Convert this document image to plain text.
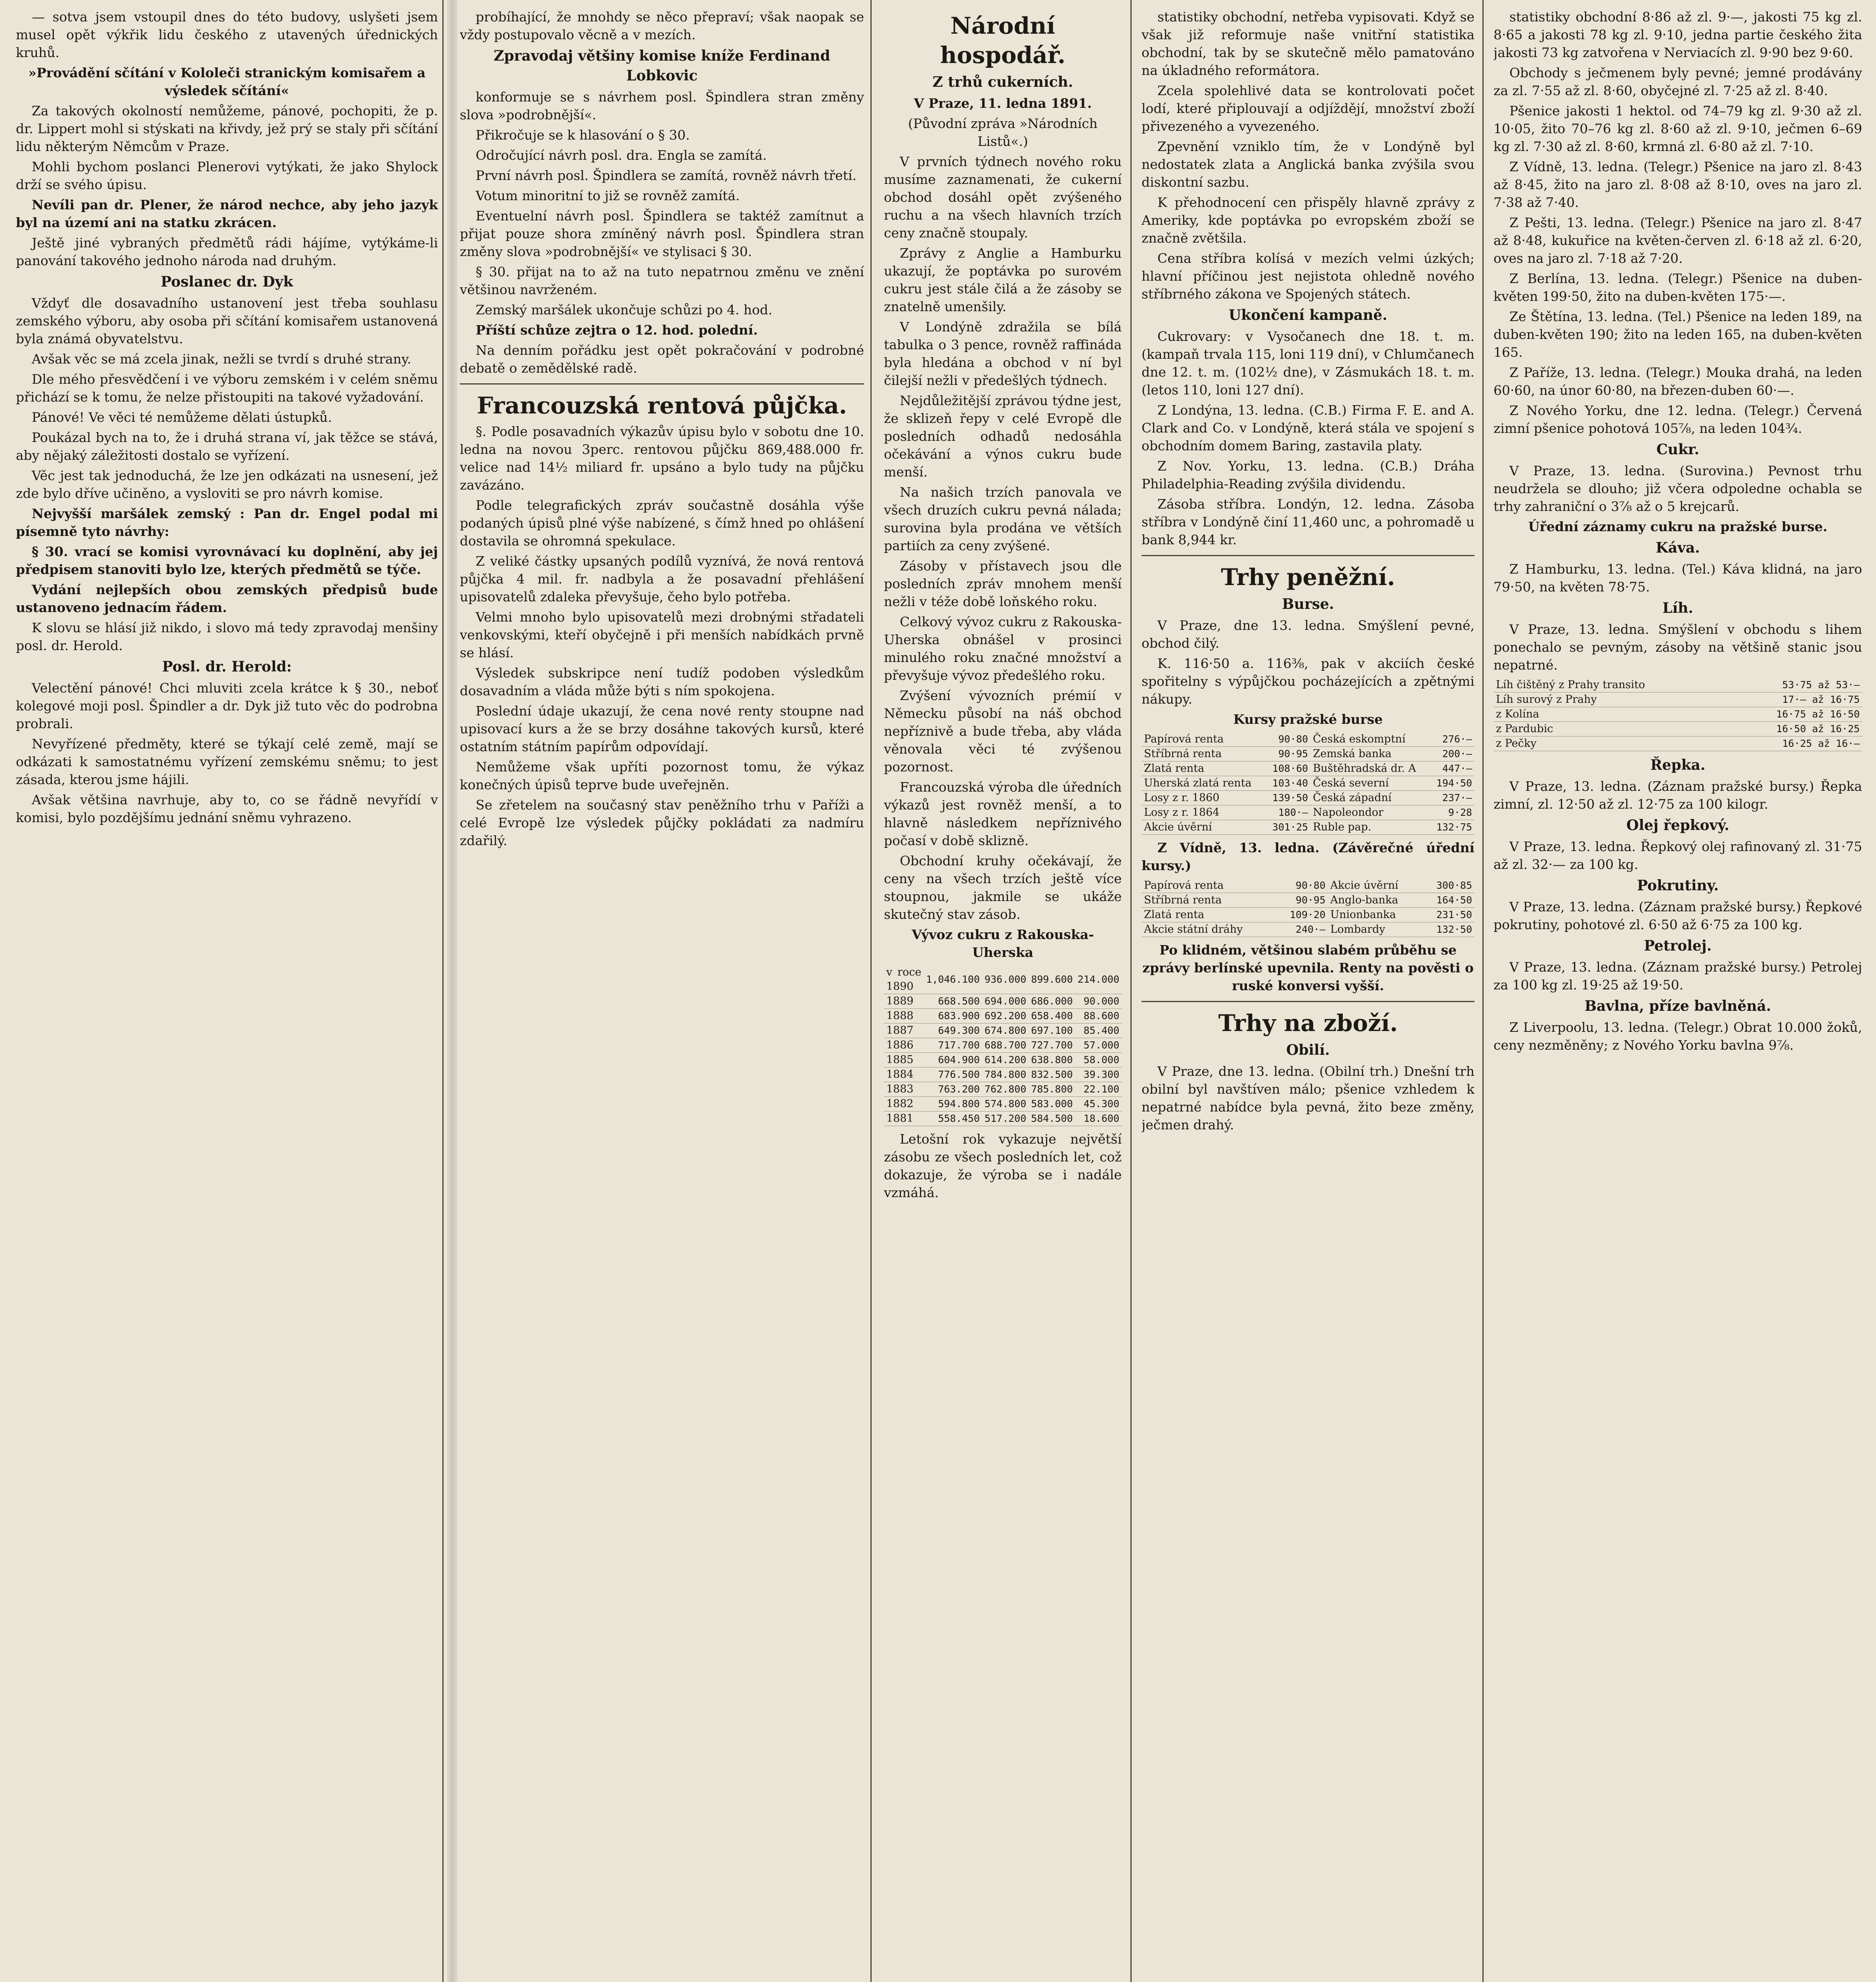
— sotva jsem vstoupil dnes do této budovy, uslyšeti jsem musel opět výkřik lidu českého z utavených úřednických kruhů.

»Provádění sčítání v Kololeči stranickým komisařem a výsledek sčítání«

Za takových okolností nemůžeme, pánové, pochopiti, že p. dr. Lippert mohl si stýskati na křivdy, jež prý se staly při sčítání lidu některým Němcům v Praze.

Mohli bychom poslanci Plenerovi vytýkati, že jako Shylock drží se svého úpisu.

Nevíli pan dr. Plener, že národ nechce, aby jeho jazyk byl na území ani na statku zkrácen.

Ještě jiné vybraných předmětů rádi hájíme, vytýkáme-li panování takového jednoho národa nad druhým.

Poslanec dr. Dyk

Vždyť dle dosavadního ustanovení jest třeba souhlasu zemského výboru, aby osoba při sčítání komisařem ustanovená byla známá obyvatelstvu.

Avšak věc se má zcela jinak, nežli se tvrdí s druhé strany.

Dle mého přesvědčení i ve výboru zemském i v celém sněmu přichází se k tomu, že nelze přistoupiti na takové vyžadování.

Pánové! Ve věci té nemůžeme dělati ústupků.

Poukázal bych na to, že i druhá strana ví, jak těžce se stává, aby nějaký záležitosti dostalo se vyřízení.

Věc jest tak jednoduchá, že lze jen odkázati na usnesení, jež zde bylo dříve učiněno, a vysloviti se pro návrh komise.

Nejvyšší maršálek zemský : Pan dr. Engel podal mi písemně tyto návrhy:

§ 30. vrací se komisi vyrovnávací ku doplnění, aby jej předpisem stanoviti bylo lze, kterých předmětů se týče.

Vydání nejlepších obou zemských předpisů bude ustanoveno jednacím řádem.

K slovu se hlásí již nikdo, i slovo má tedy zpravodaj menšiny posl. dr. Herold.

Posl. dr. Herold:

Velectění pánové! Chci mluviti zcela krátce k § 30., neboť kolegové moji posl. Špindler a dr. Dyk již tuto věc do podrobna probrali.

Nevyřízené předměty, které se týkají celé země, mají se odkázati k samostatnému vyřízení zemskému sněmu; to jest zásada, kterou jsme hájili.

Avšak většina navrhuje, aby to, co se řádně nevyřídí v komisi, bylo pozdějšímu jednání sněmu vyhrazeno.

probíhající, že mnohdy se něco přepraví; však naopak se vždy postupovalo věcně a v mezích.

Zpravodaj většiny komise kníže Ferdinand Lobkovic

konformuje se s návrhem posl. Špindlera stran změny slova »podrobnější«.

Přikročuje se k hlasování o § 30.

Odročující návrh posl. dra. Engla se zamítá.

První návrh posl. Špindlera se zamítá, rovněž návrh třetí.

Votum minoritní to již se rovněž zamítá.

Eventuelní návrh posl. Špindlera se taktéž zamítnut a přijat pouze shora zmíněný návrh posl. Špindlera stran změny slova »podrobnější« ve stylisaci § 30.

§ 30. přijat na to až na tuto nepatrnou změnu ve znění většinou navrženém.

Zemský maršálek ukončuje schůzi po 4. hod.

Příští schůze zejtra o 12. hod. polední.

Na denním pořádku jest opět pokračování v podrobné debatě o zemědělské radě.

Francouzská rentová půjčka.

§. Podle posavadních výkazův úpisu bylo v sobotu dne 10. ledna na novou 3perc. rentovou půjčku 869,488.000 fr. velice nad 14½ miliard fr. upsáno a bylo tudy na půjčku zavázáno.

Podle telegrafických zpráv součastně dosáhla výše podaných úpisů plné výše nabízené, s čímž hned po ohlášení dostavila se ohromná spekulace.

Z veliké částky upsaných podílů vyznívá, že nová rentová půjčka 4 mil. fr. nadbyla a že posavadní přehlášení upisovatelů zdaleka převyšuje, čeho bylo potřeba.

Velmi mnoho bylo upisovatelů mezi drobnými střadateli venkovskými, kteří obyčejně i při menších nabídkách prvně se hlásí.

Výsledek subskripce není tudíž podoben výsledkům dosavadním a vláda může býti s ním spokojena.

Poslední údaje ukazují, že cena nové renty stoupne nad upisovací kurs a že se brzy dosáhne takových kursů, které ostatním státním papírům odpovídají.

Nemůžeme však upříti pozornost tomu, že výkaz konečných úpisů teprve bude uveřejněn.

Se zřetelem na současný stav peněžního trhu v Paříži a celé Evropě lze výsledek půjčky pokládati za nadmíru zdařilý.

Národní hospodář.
Z trhů cukerních.

V Praze, 11. ledna 1891.

(Původní zpráva »Národních Listů«.)

V prvních týdnech nového roku musíme zaznamenati, že cukerní obchod dosáhl opět zvýšeného ruchu a na všech hlavních trzích ceny značně stoupaly.

Zprávy z Anglie a Hamburku ukazují, že poptávka po surovém cukru jest stále čilá a že zásoby se znatelně umenšily.

V Londýně zdražila se bílá tabulka o 3 pence, rovněž raffináda byla hledána a obchod v ní byl čilejší nežli v předešlých týdnech.

Nejdůležitější zprávou týdne jest, že sklizeň řepy v celé Evropě dle posledních odhadů nedosáhla očekávání a výnos cukru bude menší.

Na našich trzích panovala ve všech druzích cukru pevná nálada; surovina byla prodána ve větších partiích za ceny zvýšené.

Zásoby v přístavech jsou dle posledních zpráv mnohem menší nežli v téže době loňského roku.

Celkový vývoz cukru z Rakouska-Uherska obnášel v prosinci minulého roku značné množství a převyšuje vývoz předešlého roku.

Zvýšení vývozních prémií v Německu působí na náš obchod nepříznivě a bude třeba, aby vláda věnovala věci té zvýšenou pozornost.

Francouzská výroba dle úředních výkazů jest rovněž menší, a to hlavně následkem nepříznivého počasí v době sklizně.

Obchodní kruhy očekávají, že ceny na všech trzích ještě více stoupnou, jakmile se ukáže skutečný stav zásob.

Vývoz cukru z Rakouska-Uherska

v roce 1890	1,046.100	936.000	899.600	214.000
1889	668.500	694.000	686.000	90.000
1888	683.900	692.200	658.400	88.600
1887	649.300	674.800	697.100	85.400
1886	717.700	688.700	727.700	57.000
1885	604.900	614.200	638.800	58.000
1884	776.500	784.800	832.500	39.300
1883	763.200	762.800	785.800	22.100
1882	594.800	574.800	583.000	45.300
1881	558.450	517.200	584.500	18.600

Letošní rok vykazuje největší zásobu ze všech posledních let, což dokazuje, že výroba se i nadále vzmáhá.

statistiky obchodní, netřeba vypisovati. Když se však již reformuje naše vnitřní statistika obchodní, tak by se skutečně mělo pamatováno na úkladného reformátora.

Zcela spolehlivé data se kontrolovati počet lodí, které připlouvají a odjíždějí, množství zboží přivezeného a vyvezeného.

Zpevnění vzniklo tím, že v Londýně byl nedostatek zlata a Anglická banka zvýšila svou diskontní sazbu.

K přehodnocení cen přispěly hlavně zprávy z Ameriky, kde poptávka po evropském zboží se značně zvětšila.

Cena stříbra kolísá v mezích velmi úzkých; hlavní příčinou jest nejistota ohledně nového stříbrného zákona ve Spojených státech.

Ukončení kampaně.

Cukrovary: v Vysočanech dne 18. t. m. (kampaň trvala 115, loni 119 dní), v Chlumčanech dne 12. t. m. (102½ dne), v Zásmukách 18. t. m. (letos 110, loni 127 dní).

Z Londýna, 13. ledna. (C.B.) Firma F. E. and A. Clark and Co. v Londýně, která stála ve spojení s obchodním domem Baring, zastavila platy.

Z Nov. Yorku, 13. ledna. (C.B.) Dráha Philadelphia-Reading zvýšila dividendu.

Zásoba stříbra. Londýn, 12. ledna. Zásoba stříbra v Londýně činí 11,460 unc, a pohromadě u bank 8,944 kr.

Trhy peněžní.
Burse.

V Praze, dne 13. ledna. Smýšlení pevné, obchod čilý.

K. 116·50 a. 116⅜, pak v akciích české spořitelny s výpůjčkou pocházejících a zpětnými nákupy.

Kursy pražské burse

Papírová renta	90·80	Česká eskomptní	276·—
Stříbrná renta	90·95	Zemská banka	200·—
Zlatá renta	108·60	Buštěhradská dr. A	447·—
Uherská zlatá renta	103·40	Česká severní	194·50
Losy z r. 1860	139·50	Česká západní	237·—
Losy z r. 1864	180·—	Napoleondor	9·28
Akcie úvěrní	301·25	Ruble pap.	132·75

Z Vídně, 13. ledna. (Závěrečné úřední kursy.)

Papírová renta	90·80	Akcie úvěrní	300·85
Stříbrná renta	90·95	Anglo-banka	164·50
Zlatá renta	109·20	Unionbanka	231·50
Akcie státní dráhy	240·—	Lombardy	132·50

Po klidném, většinou slabém průběhu se zprávy berlínské upevnila. Renty na pověsti o ruské konversi vyšší.

Trhy na zboží.
Obilí.

V Praze, dne 13. ledna. (Obilní trh.) Dnešní trh obilní byl navštíven málo; pšenice vzhledem k nepatrné nabídce byla pevná, žito beze změny, ječmen drahý.

statistiky obchodní 8·86 až zl. 9·—, jakosti 75 kg zl. 8·65 a jakosti 78 kg zl. 9·10, jedna partie českého žita jakosti 73 kg zatvořena v Nerviacích zl. 9·90 bez 9·60.

Obchody s ječmenem byly pevné; jemné prodávány za zl. 7·55 až zl. 8·60, obyčejné zl. 7·25 až zl. 8·40.

Pšenice jakosti 1 hektol. od 74–79 kg zl. 9·30 až zl. 10·05, žito 70–76 kg zl. 8·60 až zl. 9·10, ječmen 6–69 kg zl. 7·30 až zl. 8·60, krmná zl. 6·80 až zl. 7·10.

Z Vídně, 13. ledna. (Telegr.) Pšenice na jaro zl. 8·43 až 8·45, žito na jaro zl. 8·08 až 8·10, oves na jaro zl. 7·38 až 7·40.

Z Pešti, 13. ledna. (Telegr.) Pšenice na jaro zl. 8·47 až 8·48, kukuřice na květen-červen zl. 6·18 až zl. 6·20, oves na jaro zl. 7·18 až 7·20.

Z Berlína, 13. ledna. (Telegr.) Pšenice na duben-květen 199·50, žito na duben-květen 175·—.

Ze Štětína, 13. ledna. (Tel.) Pšenice na leden 189, na duben-květen 190; žito na leden 165, na duben-květen 165.

Z Paříže, 13. ledna. (Telegr.) Mouka drahá, na leden 60·60, na únor 60·80, na březen-duben 60·—.

Z Nového Yorku, dne 12. ledna. (Telegr.) Červená zimní pšenice pohotová 105⅞, na leden 104¾.

Cukr.

V Praze, 13. ledna. (Surovina.) Pevnost trhu neudržela se dlouho; již včera odpoledne ochabla se trhy zahraniční o 3⅞ až o 5 krejcarů.

Úřední záznamy cukru na pražské burse.

Káva.

Z Hamburku, 13. ledna. (Tel.) Káva klidná, na jaro 79·50, na květen 78·75.

Líh.

V Praze, 13. ledna. Smýšlení v obchodu s lihem ponechalo se pevným, zásoby na většině stanic jsou nepatrné.

Líh čištěný z Prahy transito	53·75 až 53·—
Líh surový z Prahy	17·— až 16·75
z Kolína	16·75 až 16·50
z Pardubic	16·50 až 16·25
z Pečky	16·25 až 16·—
Řepka.

V Praze, 13. ledna. (Záznam pražské bursy.) Řepka zimní, zl. 12·50 až zl. 12·75 za 100 kilogr.

Olej řepkový.

V Praze, 13. ledna. Řepkový olej rafinovaný zl. 31·75 až zl. 32·— za 100 kg.

Pokrutiny.

V Praze, 13. ledna. (Záznam pražské bursy.) Řepkové pokrutiny, pohotové zl. 6·50 až 6·75 za 100 kg.

Petrolej.

V Praze, 13. ledna. (Záznam pražské bursy.) Petrolej za 100 kg zl. 19·25 až 19·50.

Bavlna, příze bavlněná.

Z Liverpoolu, 13. ledna. (Telegr.) Obrat 10.000 žoků, ceny nezměněny; z Nového Yorku bavlna 9⅞.
